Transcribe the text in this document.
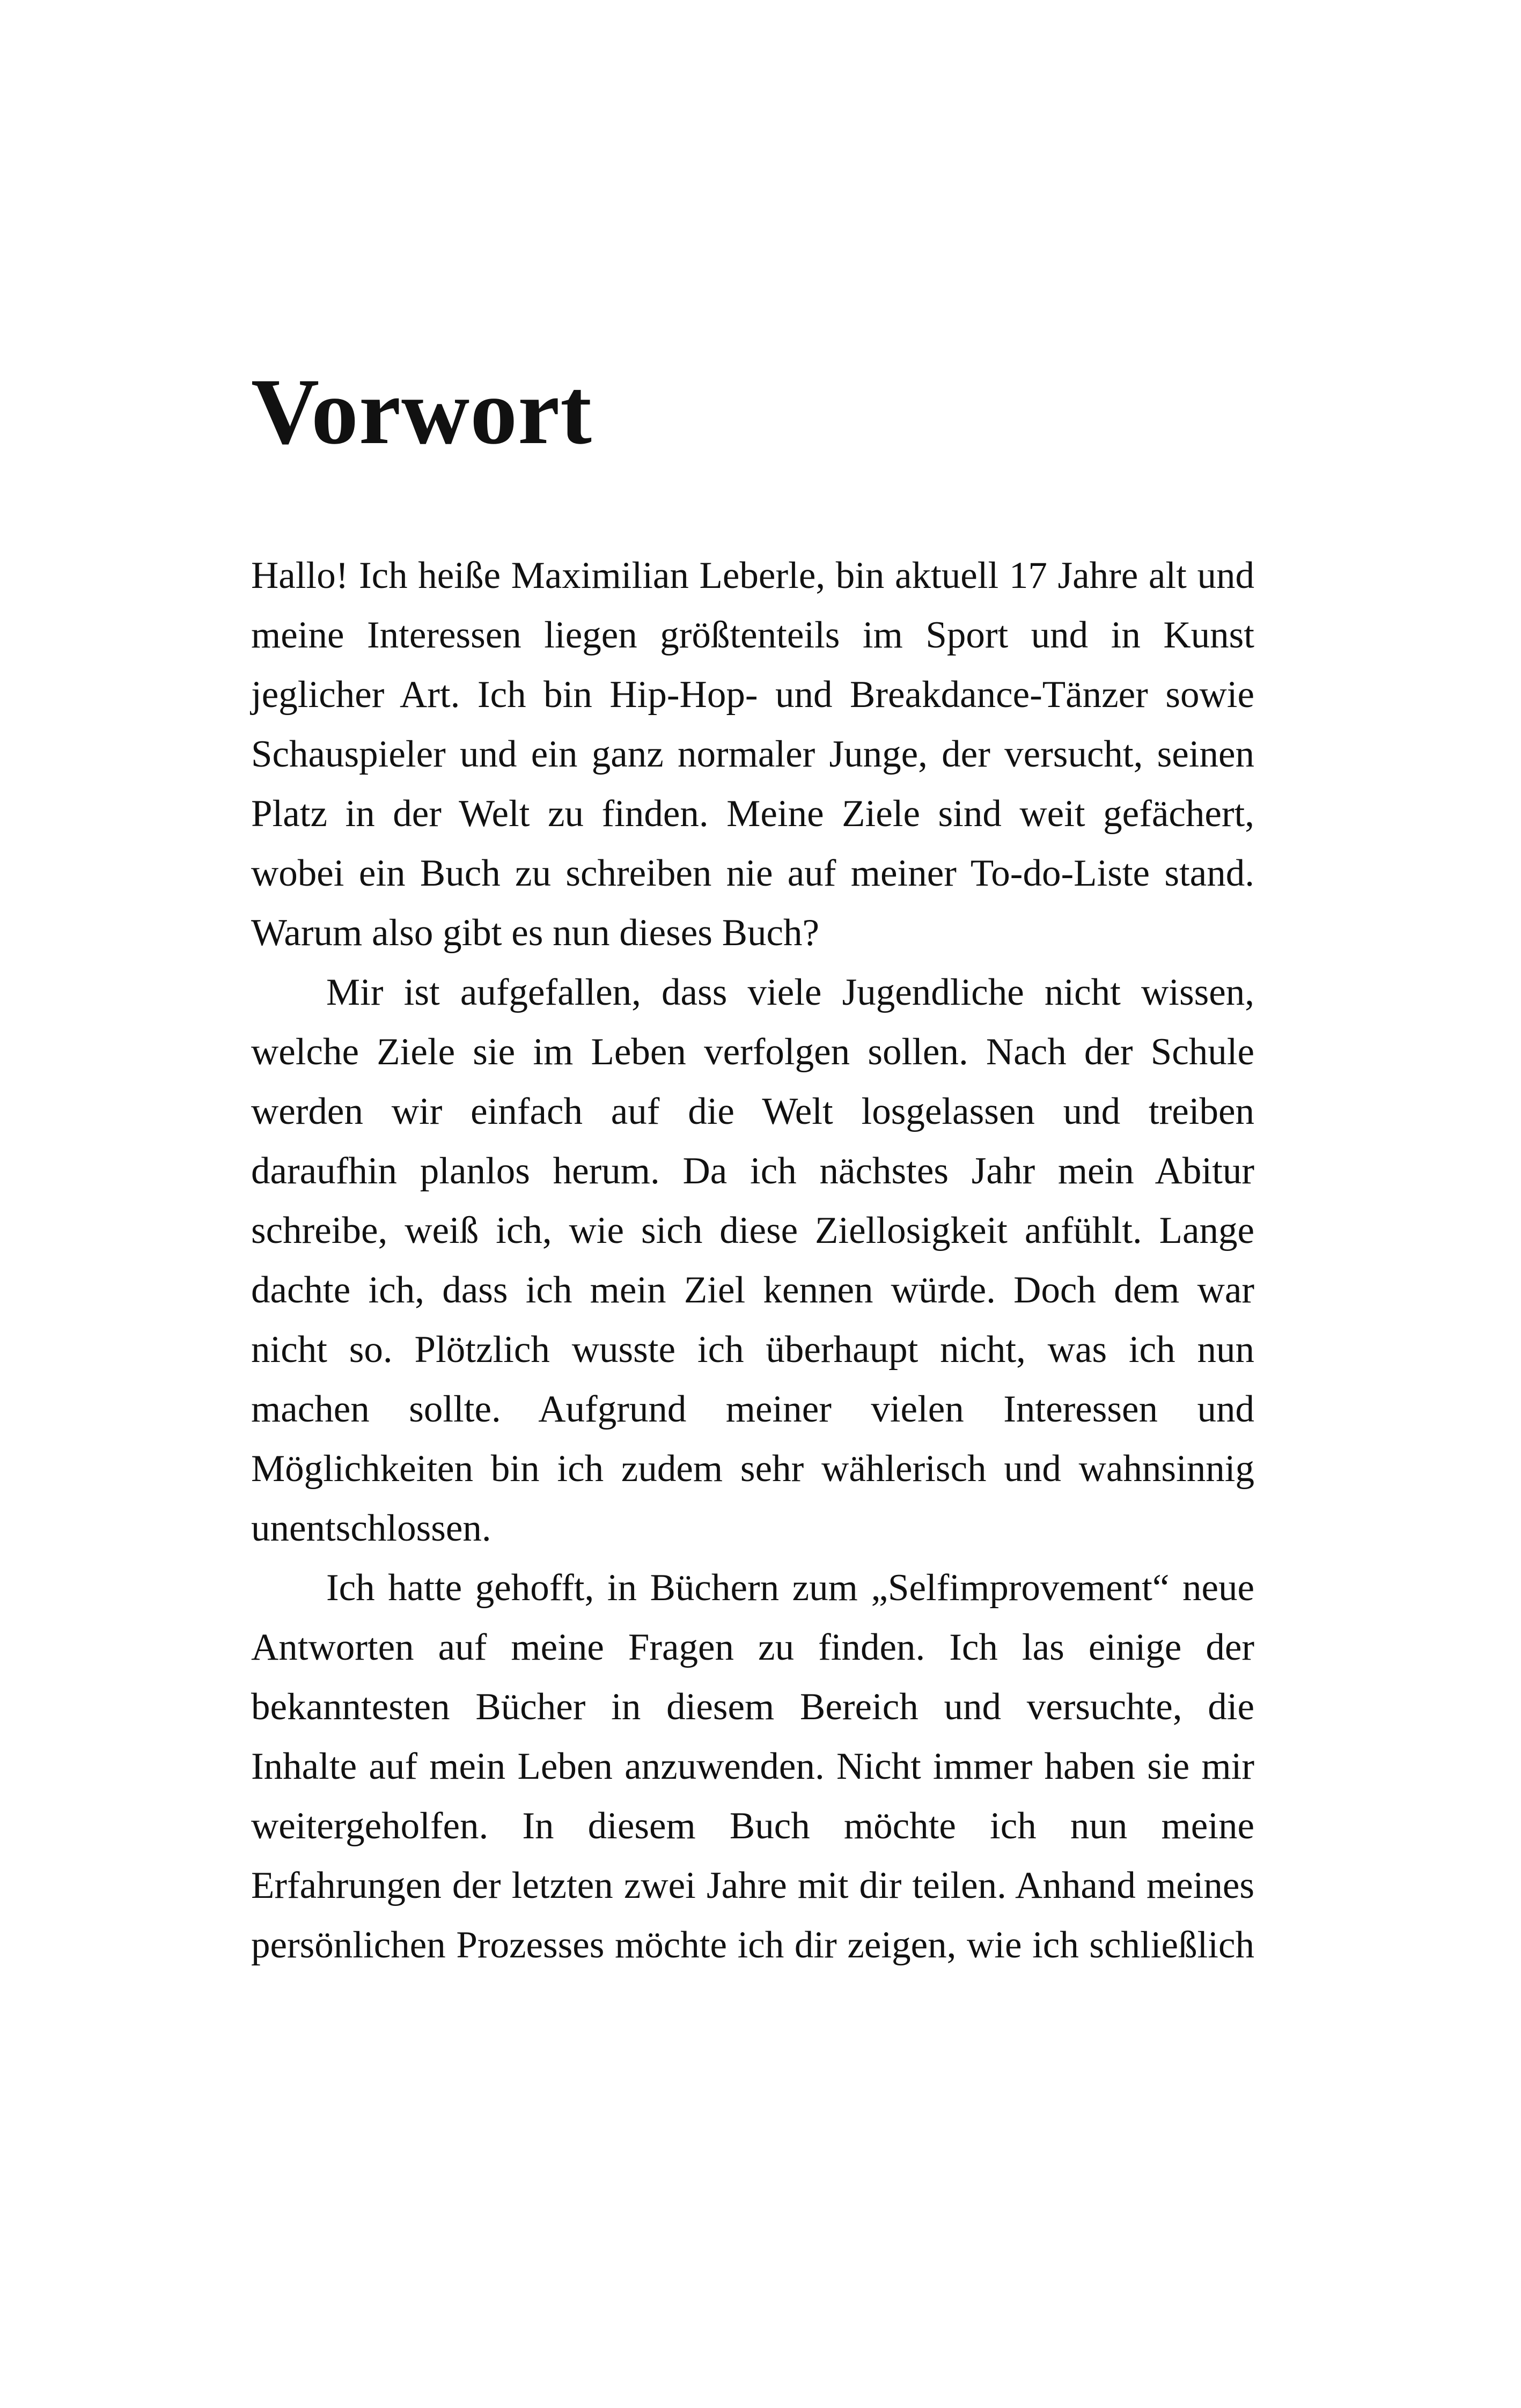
Vorwort

Hallo! Ich heiße Maximilian Leberle, bin aktuell 17 Jahre alt und meine Interessen liegen größtenteils im Sport und in Kunst jeglicher Art. Ich bin Hip-Hop- und Breakdance-Tänzer sowie Schauspieler und ein ganz normaler Junge, der versucht, seinen Platz in der Welt zu finden. Meine Ziele sind weit gefächert, wobei ein Buch zu schreiben nie auf meiner To-do-Liste stand. Warum also gibt es nun dieses Buch?

Mir ist aufgefallen, dass viele Jugendliche nicht wissen, welche Ziele sie im Leben verfolgen sollen. Nach der Schule werden wir einfach auf die Welt losgelassen und treiben daraufhin planlos herum. Da ich nächstes Jahr mein Abitur schreibe, weiß ich, wie sich diese Ziellosigkeit anfühlt. Lange dachte ich, dass ich mein Ziel kennen würde. Doch dem war nicht so. Plötzlich wusste ich überhaupt nicht, was ich nun machen sollte. Aufgrund meiner vielen Interessen und Möglichkeiten bin ich zudem sehr wählerisch und wahnsinnig unentschlossen.

Ich hatte gehofft, in Büchern zum „Selfimprovement“ neue Antworten auf meine Fragen zu finden. Ich las einige der bekanntesten Bücher in diesem Bereich und versuchte, die Inhalte auf mein Leben anzuwenden. Nicht immer haben sie mir weitergeholfen. In diesem Buch möchte ich nun meine Erfahrungen der letzten zwei Jahre mit dir teilen. Anhand meines persönlichen Prozesses möchte ich dir zeigen, wie ich schließlich
